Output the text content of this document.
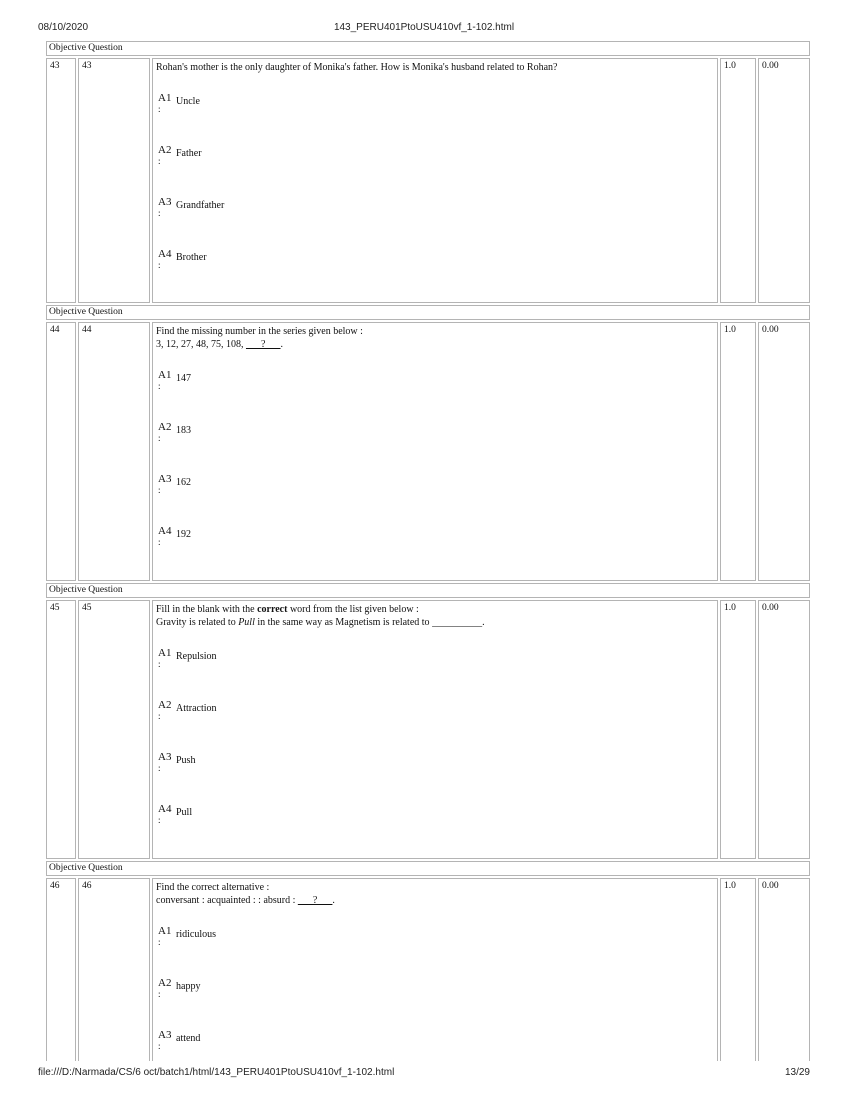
08/10/2020	143_PERU401PtoUSU410vf_1-102.html
Objective Question
43	43	Rohan's mother is the only daughter of Monika's father. How is Monika's husband related to Rohan?
A1
:
Uncle
A2
:
Father
A3
:
Grandfather
A4
:
Brother
1.0	0.00
Objective Question
44	44	Find the missing number in the series given below :
3, 12, 27, 48, 75, 108, ___?___.
A1
:
147
A2
:
183
A3
:
162
A4
:
192
1.0	0.00
Objective Question
45	45	Fill in the blank with the correct word from the list given below :
Gravity is related to Pull in the same way as Magnetism is related to __________.
A1
:
Repulsion
A2
:
Attraction
A3
:
Push
A4
:
Pull
1.0	0.00
Objective Question
46	46	Find the correct alternative :
conversant : acquainted : : absurd : ___?___.
A1
:
ridiculous
A2
:
happy
A3
:
attend
1.0	0.00
file:///D:/Narmada/CS/6 oct/batch1/html/143_PERU401PtoUSU410vf_1-102.html	13/29
